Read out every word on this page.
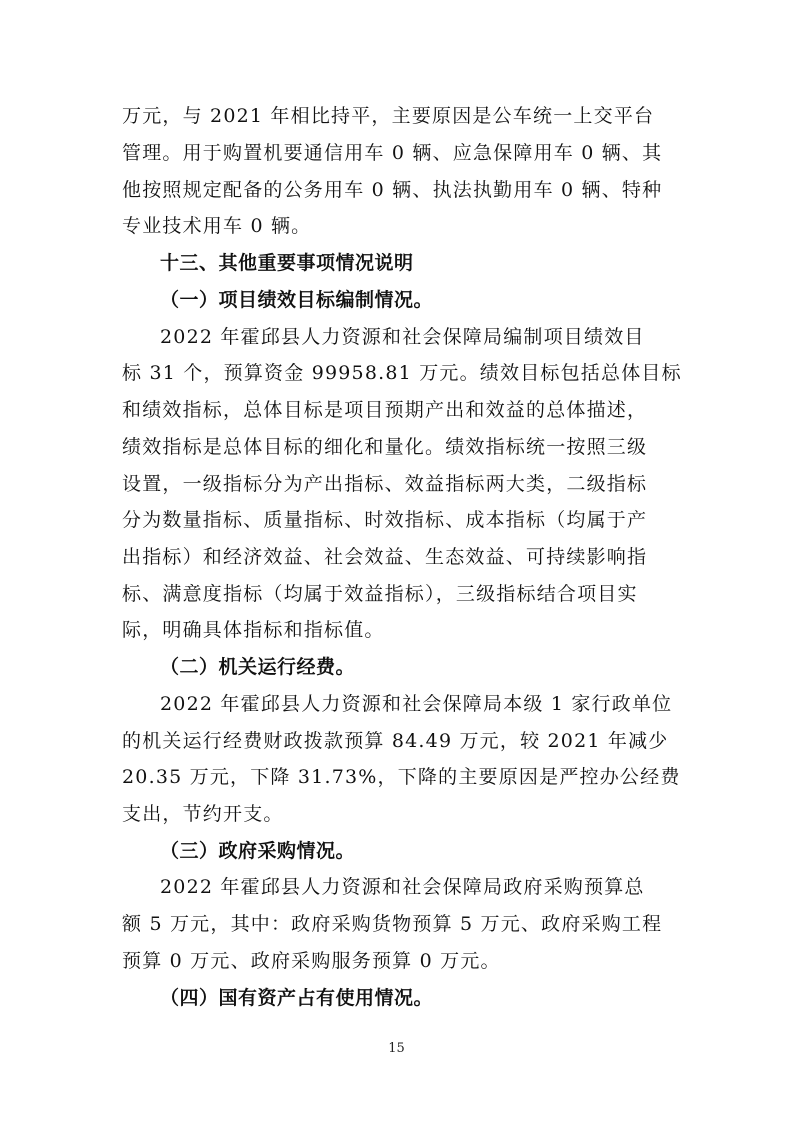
万元，与 2021 年相比持平，主要原因是公车统一上交平台
管理。用于购置机要通信用车 0 辆、应急保障用车 0 辆、其
他按照规定配备的公务用车 0 辆、执法执勤用车 0 辆、特种
专业技术用车 0 辆。
十三、其他重要事项情况说明
（一）项目绩效目标编制情况。
2022 年霍邱县人力资源和社会保障局编制项目绩效目
标 31 个，预算资金 99958.81 万元。绩效目标包括总体目标
和绩效指标，总体目标是项目预期产出和效益的总体描述，
绩效指标是总体目标的细化和量化。绩效指标统一按照三级
设置，一级指标分为产出指标、效益指标两大类，二级指标
分为数量指标、质量指标、时效指标、成本指标（均属于产
出指标）和经济效益、社会效益、生态效益、可持续影响指
标、满意度指标（均属于效益指标），三级指标结合项目实
际，明确具体指标和指标值。
（二）机关运行经费。
2022 年霍邱县人力资源和社会保障局本级 1 家行政单位
的机关运行经费财政拨款预算 84.49 万元，较 2021 年减少
20.35 万元，下降 31.73%，下降的主要原因是严控办公经费
支出，节约开支。
（三）政府采购情况。
2022 年霍邱县人力资源和社会保障局政府采购预算总
额 5 万元，其中：政府采购货物预算 5 万元、政府采购工程
预算 0 万元、政府采购服务预算 0 万元。
（四）国有资产占有使用情况。
15
